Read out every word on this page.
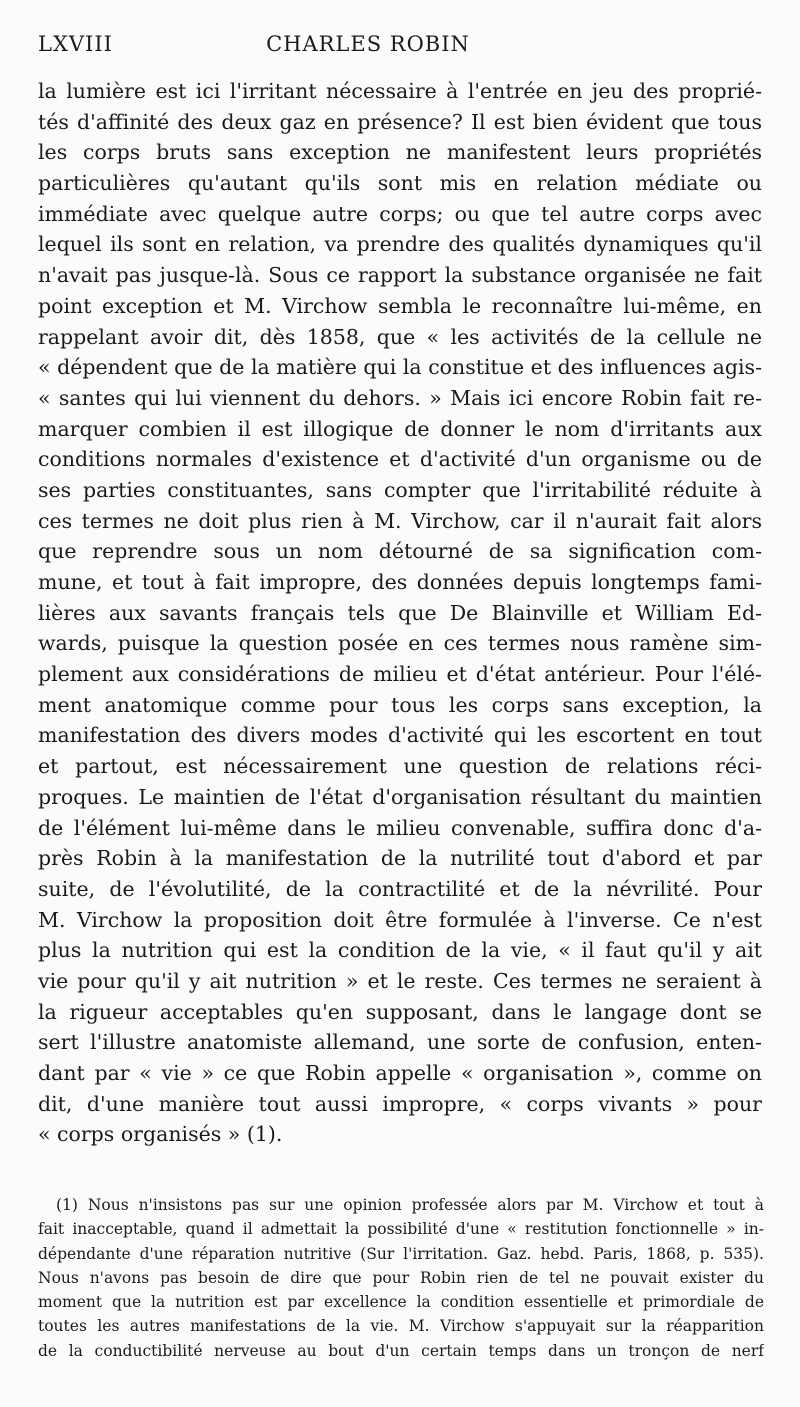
LXVIII	CHARLES ROBIN
la lumière est ici l'irritant nécessaire à l'entrée en jeu des proprié-
tés d'affinité des deux gaz en présence? Il est bien évident que tous
les corps bruts sans exception ne manifestent leurs propriétés
particulières qu'autant qu'ils sont mis en relation médiate ou
immédiate avec quelque autre corps; ou que tel autre corps avec
lequel ils sont en relation, va prendre des qualités dynamiques qu'il
n'avait pas jusque-là. Sous ce rapport la substance organisée ne fait
point exception et M. Virchow sembla le reconnaître lui-même, en
rappelant avoir dit, dès 1858, que « les activités de la cellule ne
« dépendent que de la matière qui la constitue et des influences agis-
« santes qui lui viennent du dehors. » Mais ici encore Robin fait re-
marquer combien il est illogique de donner le nom d'irritants aux
conditions normales d'existence et d'activité d'un organisme ou de
ses parties constituantes, sans compter que l'irritabilité réduite à
ces termes ne doit plus rien à M. Virchow, car il n'aurait fait alors
que reprendre sous un nom détourné de sa signification com-
mune, et tout à fait impropre, des données depuis longtemps fami-
lières aux savants français tels que De Blainville et William Ed-
wards, puisque la question posée en ces termes nous ramène sim-
plement aux considérations de milieu et d'état antérieur. Pour l'élé-
ment anatomique comme pour tous les corps sans exception, la
manifestation des divers modes d'activité qui les escortent en tout
et partout, est nécessairement une question de relations réci-
proques. Le maintien de l'état d'organisation résultant du maintien
de l'élément lui-même dans le milieu convenable, suffira donc d'a-
près Robin à la manifestation de la nutrilité tout d'abord et par
suite, de l'évolutilité, de la contractilité et de la névrilité. Pour
M. Virchow la proposition doit être formulée à l'inverse. Ce n'est
plus la nutrition qui est la condition de la vie, « il faut qu'il y ait
vie pour qu'il y ait nutrition » et le reste. Ces termes ne seraient à
la rigueur acceptables qu'en supposant, dans le langage dont se
sert l'illustre anatomiste allemand, une sorte de confusion, enten-
dant par « vie » ce que Robin appelle « organisation », comme on
dit, d'une manière tout aussi impropre, « corps vivants » pour
« corps organisés » (1).
(1) Nous n'insistons pas sur une opinion professée alors par M. Virchow et tout à
fait inacceptable, quand il admettait la possibilité d'une « restitution fonctionnelle » in-
dépendante d'une réparation nutritive (Sur l'irritation. Gaz. hebd. Paris, 1868, p. 535).
Nous n'avons pas besoin de dire que pour Robin rien de tel ne pouvait exister du
moment que la nutrition est par excellence la condition essentielle et primordiale de
toutes les autres manifestations de la vie. M. Virchow s'appuyait sur la réapparition
de la conductibilité nerveuse au bout d'un certain temps dans un tronçon de nerf
